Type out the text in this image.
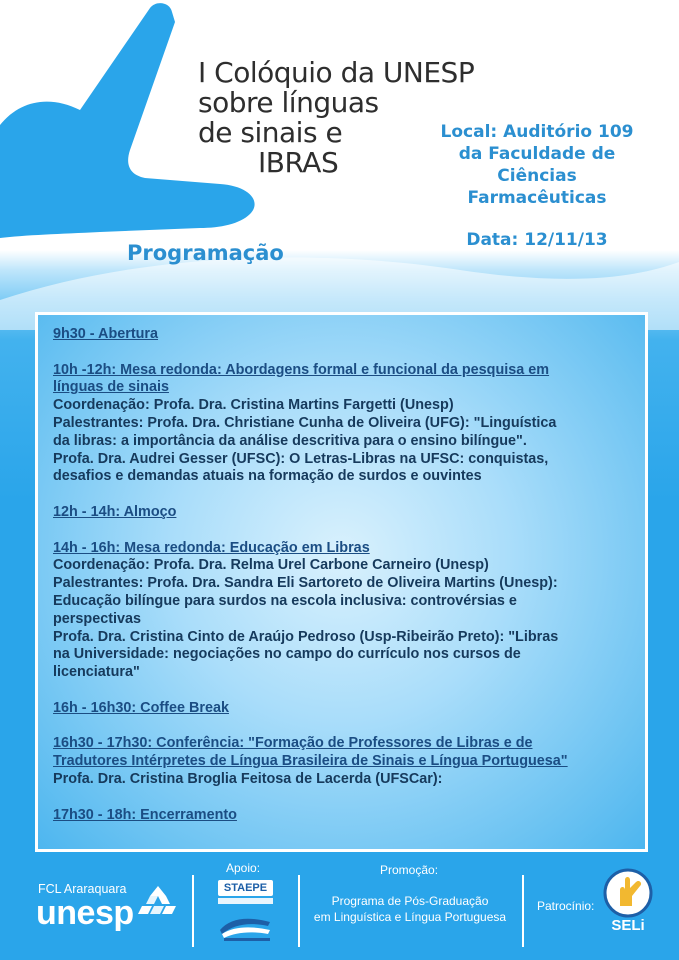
I Colóquio da UNESP
sobre línguas
de sinais e
IBRAS
Local: Auditório 109
da Faculdade de
Ciências
Farmacêuticas
Data: 12/11/13
Programação
9h30 - Abertura
10h -12h: Mesa redonda: Abordagens formal e funcional da pesquisa em
línguas de sinais
Coordenação: Profa. Dra. Cristina Martins Fargetti (Unesp)
Palestrantes: Profa. Dra. Christiane Cunha de Oliveira (UFG): "Linguística
da libras: a importância da análise descritiva para o ensino bilíngue".
Profa. Dra. Audrei Gesser (UFSC): O Letras-Libras na UFSC: conquistas,
desafios e demandas atuais na formação de surdos e ouvintes
12h - 14h: Almoço
14h - 16h: Mesa redonda: Educação em Libras
Coordenação: Profa. Dra. Relma Urel Carbone Carneiro (Unesp)
Palestrantes: Profa. Dra. Sandra Eli Sartoreto de Oliveira Martins (Unesp):
Educação bilíngue para surdos na escola inclusiva: controvérsias e
perspectivas
Profa. Dra. Cristina Cinto de Araújo Pedroso (Usp-Ribeirão Preto): "Libras
na Universidade: negociações no campo do currículo nos cursos de
licenciatura"
16h - 16h30: Coffee Break
16h30 - 17h30: Conferência: "Formação de Professores de Libras e de
Tradutores Intérpretes de Língua Brasileira de Sinais e Língua Portuguesa"
Profa. Dra. Cristina Broglia Feitosa de Lacerda (UFSCar):
17h30 - 18h: Encerramento
FCL Araraquara
unesp
Apoio:
STAEPE
Promoção:
Programa de Pós-Graduação
em Linguística e Língua Portuguesa
Patrocínio:
SELi
